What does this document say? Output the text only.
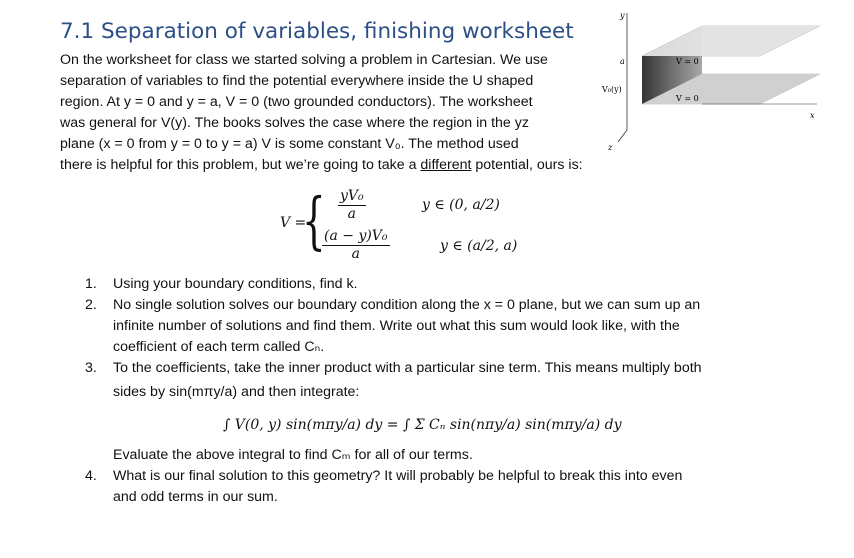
7.1 Separation of variables, finishing worksheet
On the worksheet for class we started solving a problem in Cartesian. We use
separation of variables to find the potential everywhere inside the U shaped
region. At y = 0 and y = a, V = 0 (two grounded conductors). The worksheet
was general for V(y). The books solves the case where the region in the yz
plane (x = 0 from y = 0 to y = a) V is some constant V₀. The method used
there is helpful for this problem, but we’re going to take a different potential, ours is:
y
z
x
a
V₀(y)
V = 0
V = 0
V =
{ $\frac{\text{yV₀}}{a}$	y ∈ (0, a/2)
$\frac{\text{(a − y)V₀}}{a}$	y ∈ (a/2, a)
1. Using your boundary conditions, find k.
2. No single solution solves our boundary condition along the x = 0 plane, but we can sum up an
infinite number of solutions and find them. Write out what this sum would look like, with the
coefficient of each term called Cₙ.
3. To the coefficients, take the inner product with a particular sine term. This means multiply both
sides by sin(mπy/a) and then integrate:
∫ V(0, y) sin(mπy/a) dy = ∫ Σ Cₙ sin(nπy/a) sin(mπy/a) dy
Evaluate the above integral to find Cₘ for all of our terms.
4. What is our final solution to this geometry? It will probably be helpful to break this into even
and odd terms in our sum.
